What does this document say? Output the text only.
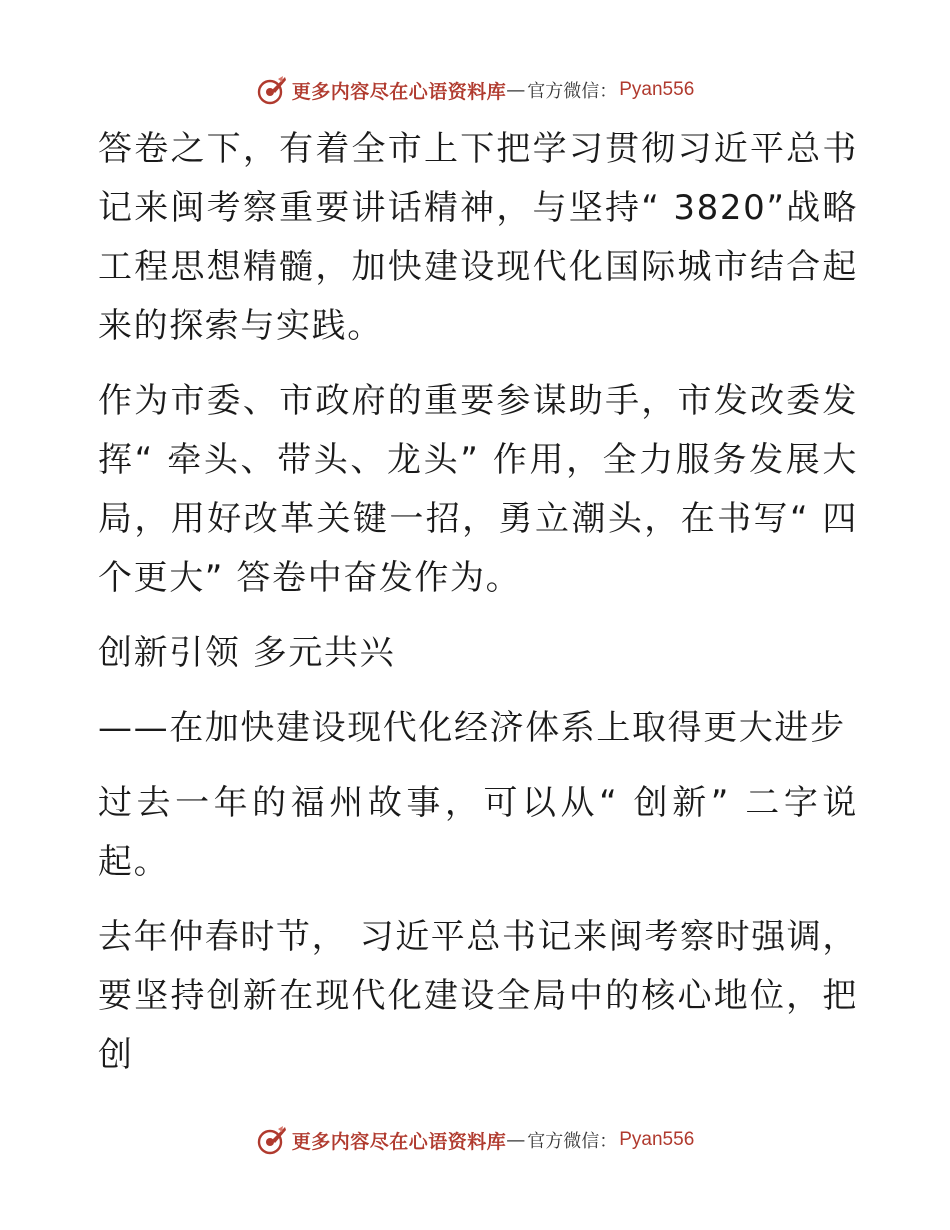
更多内容尽在心语资料库 — 官方微信： Pyan556

答卷之下，有着全市上下把学习贯彻习近平总书记来闽考察重要讲话精神，与坚持“ 3820”战略工程思想精髓，加快建设现代化国际城市结合起来的探索与实践。

作为市委、市政府的重要参谋助手，市发改委发挥“ 牵头、带头、龙头” 作用，全力服务发展大局，用好改革关键一招，勇立潮头，在书写“ 四个更大” 答卷中奋发作为。

创新引领 多元共兴

——在加快建设现代化经济体系上取得更大进步

过去一年的福州故事，可以从“ 创新” 二字说起。

去年仲春时节， 习近平总书记来闽考察时强调，要坚持创新在现代化建设全局中的核心地位，把创

更多内容尽在心语资料库 — 官方微信： Pyan556
